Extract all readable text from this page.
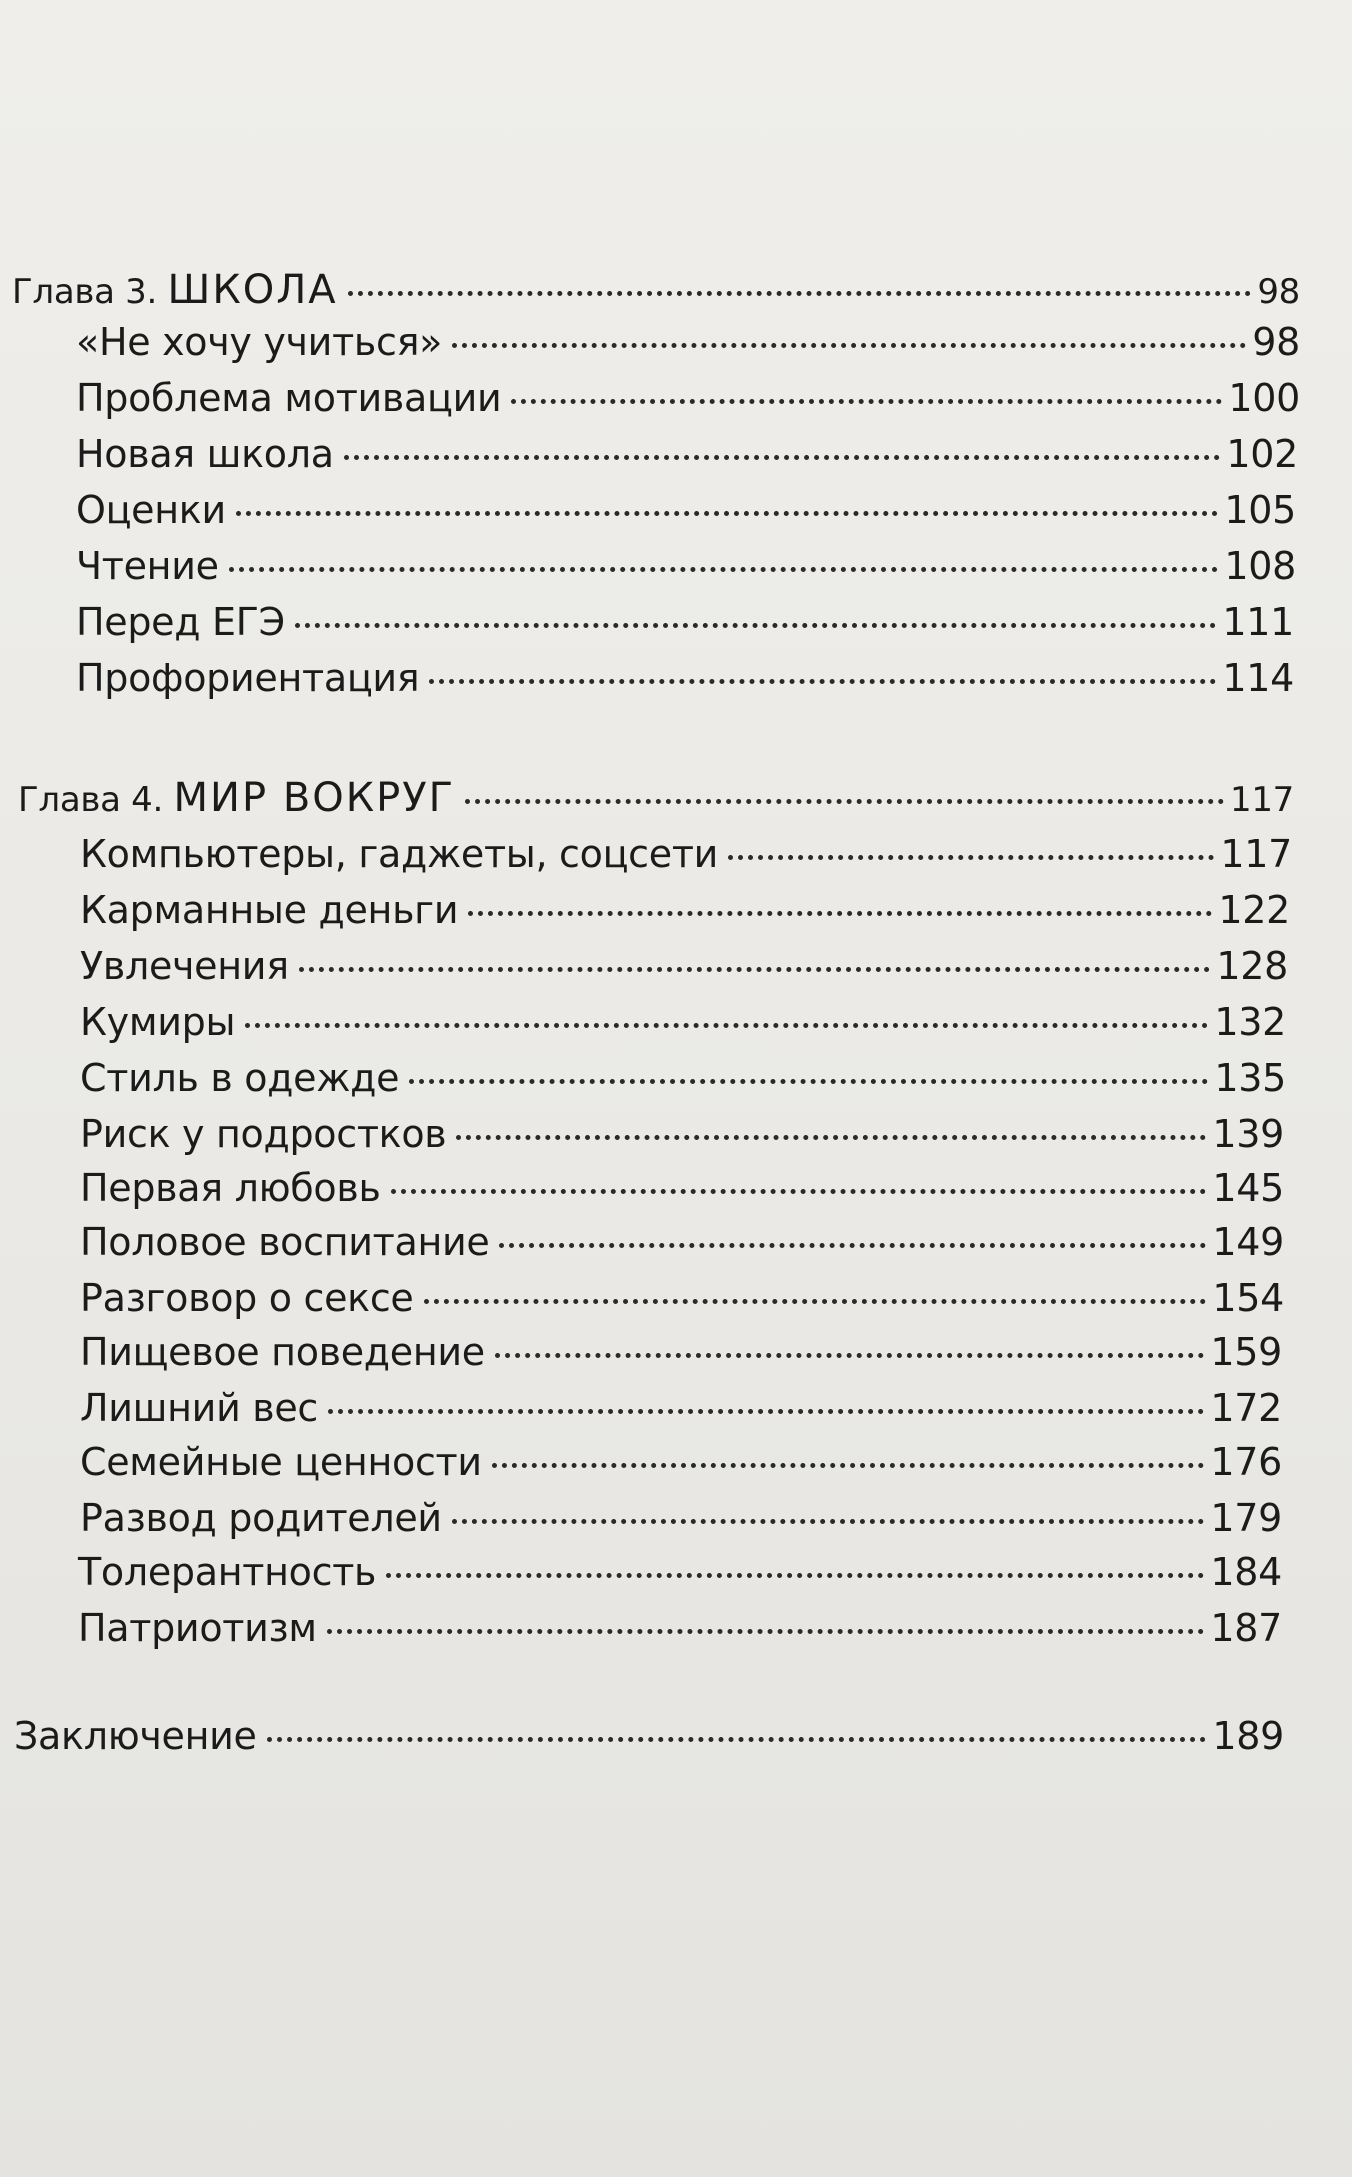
Глава 3. ШКОЛА	98
«Не хочу учиться»	98
Проблема мотивации	100
Новая школа	102
Оценки	105
Чтение	108
Перед ЕГЭ	111
Профориентация	114
Глава 4. МИР ВОКРУГ	117
Компьютеры, гаджеты, соцсети	117
Карманные деньги	122
Увлечения	128
Кумиры	132
Стиль в одежде	135
Риск у подростков	139
Первая любовь	145
Половое воспитание	149
Разговор о сексе	154
Пищевое поведение	159
Лишний вес	172
Семейные ценности	176
Развод родителей	179
Толерантность	184
Патриотизм	187
Заключение	189
